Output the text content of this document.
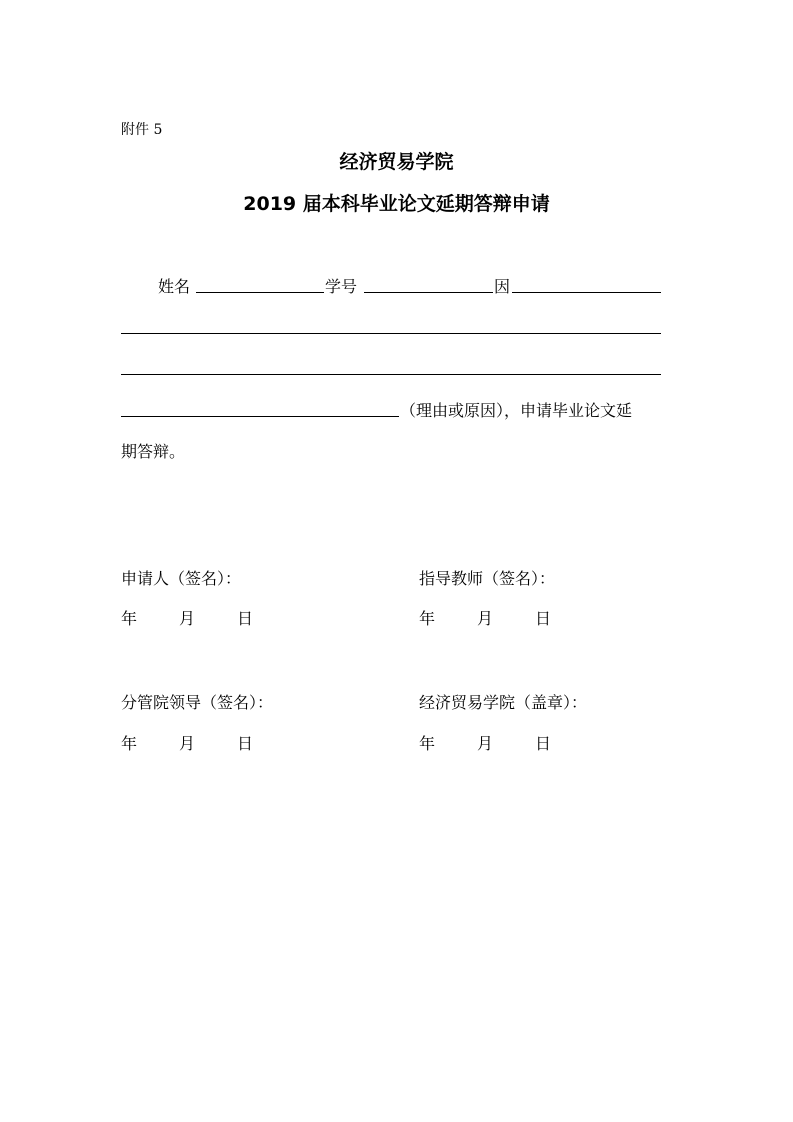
附件 5
经济贸易学院
2019 届本科毕业论文延期答辩申请
姓名	学号	因
（理由或原因），申请毕业论文延
期答辩。
申请人（签名）：	指导教师（签名）：
年	月	日	年	月	日
分管院领导（签名）：	经济贸易学院（盖章）：
年	月	日	年	月	日
